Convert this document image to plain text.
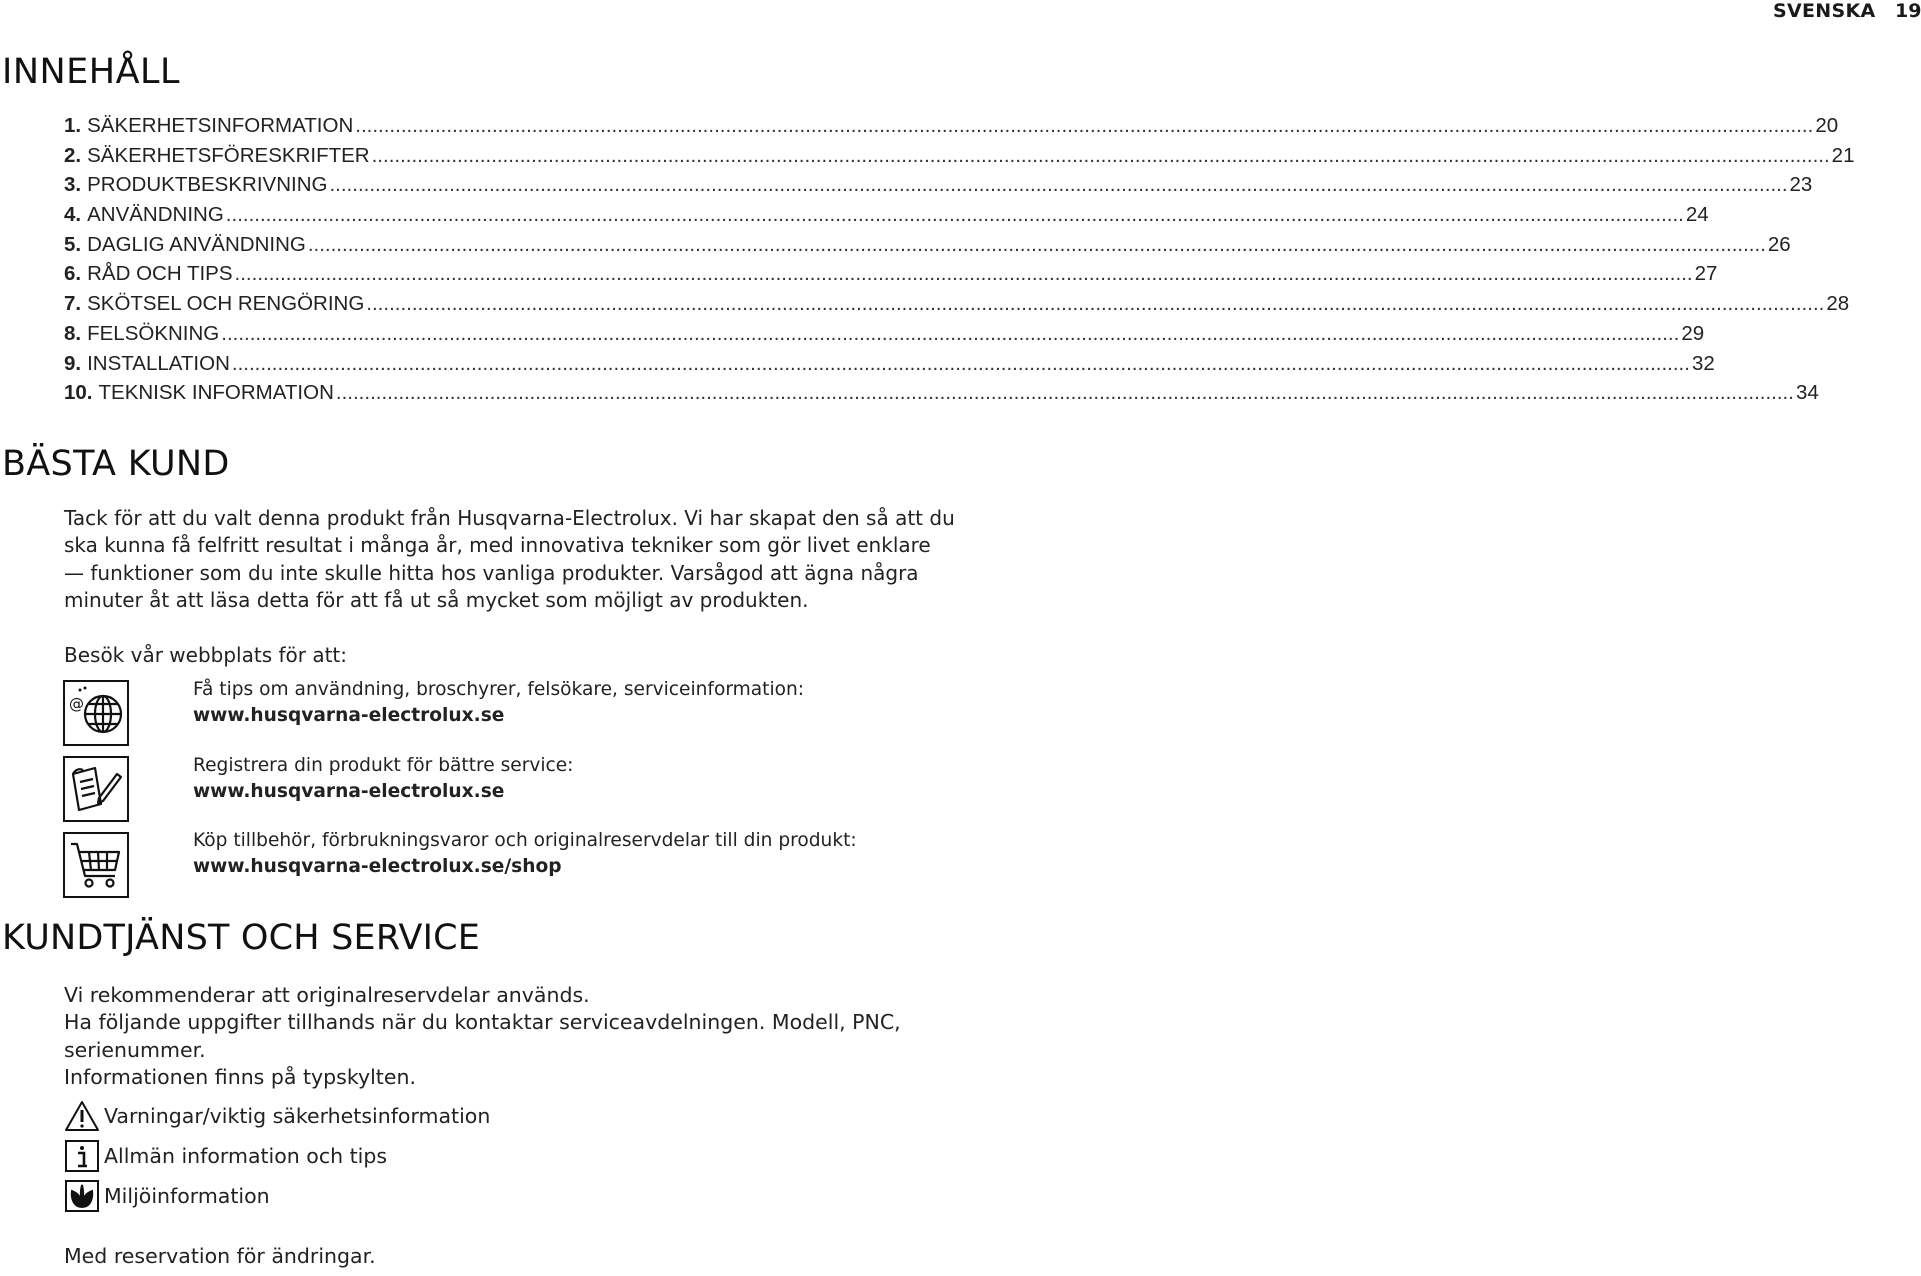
SVENSKA 19
INNEHÅLL
1. SÄKERHETSINFORMATION .....	20
2. SÄKERHETSFÖRESKRIFTER .....	21
3. PRODUKTBESKRIVNING .....	23
4. ANVÄNDNING .....	24
5. DAGLIG ANVÄNDNING .....	26
6. RÅD OCH TIPS .....	27
7. SKÖTSEL OCH RENGÖRING .....	28
8. FELSÖKNING .....	29
9. INSTALLATION .....	32
10. TEKNISK INFORMATION .....	34
BÄSTA KUND
Tack för att du valt denna produkt från Husqvarna-Electrolux. Vi har skapat den så att du ska kunna få felfritt resultat i många år, med innovativa tekniker som gör livet enklare — funktioner som du inte skulle hitta hos vanliga produkter. Varsågod att ägna några minuter åt att läsa detta för att få ut så mycket som möjligt av produkten.
Besök vår webbplats för att:
@
Få tips om användning, broschyrer, felsökare, serviceinformation:
www.husqvarna-electrolux.se
Registrera din produkt för bättre service:
www.husqvarna-electrolux.se
Köp tillbehör, förbrukningsvaror och originalreservdelar till din produkt:
www.husqvarna-electrolux.se/shop
KUNDTJÄNST OCH SERVICE
Vi rekommenderar att originalreservdelar används.
Ha följande uppgifter tillhands när du kontaktar serviceavdelningen. Modell, PNC, serienummer.
Informationen finns på typskylten.
Varningar/viktig säkerhetsinformation
Allmän information och tips
Miljöinformation
Med reservation för ändringar.
